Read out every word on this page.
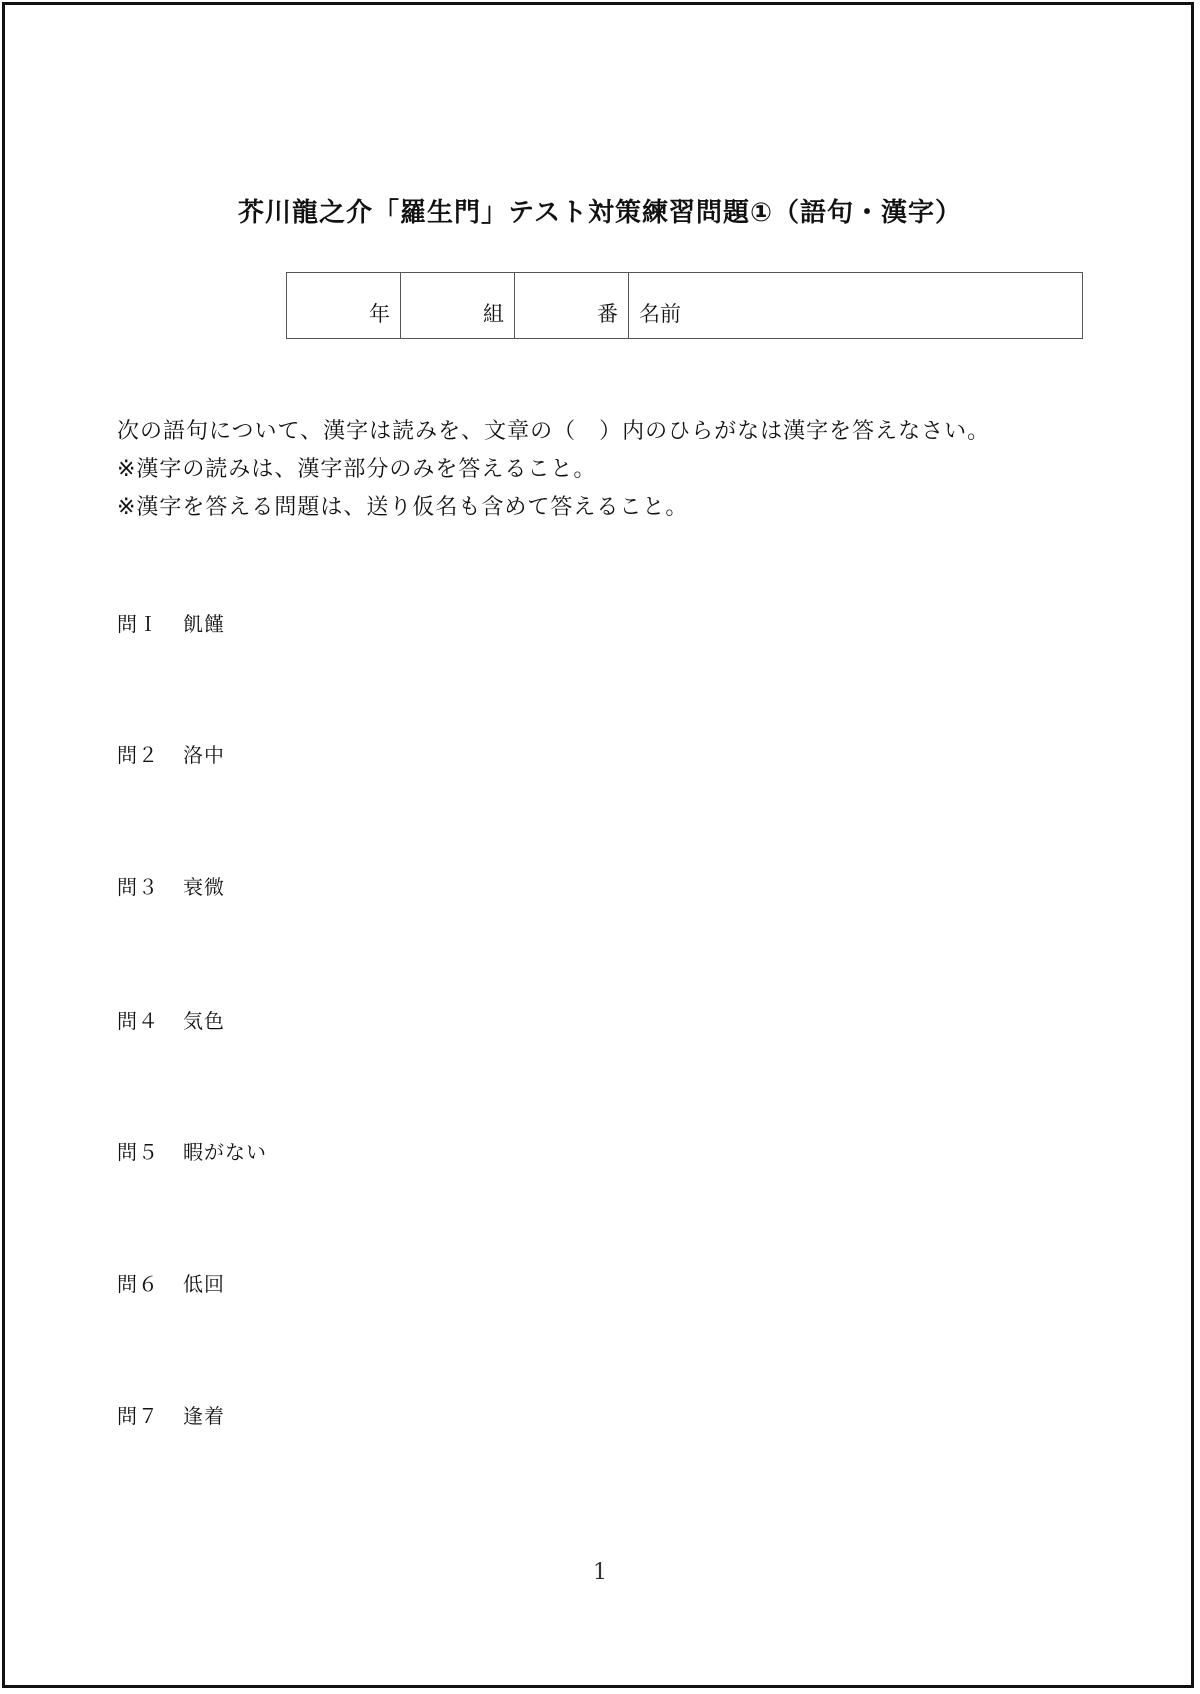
芥川龍之介「羅生門」テスト対策練習問題①（語句・漢字）
年	組	番 名前
次の語句について、漢字は読みを、文章の（　）内のひらがなは漢字を答えなさい。
※漢字の読みは、漢字部分のみを答えること。
※漢字を答える問題は、送り仮名も含めて答えること。
問Ｉ 飢饉
問２ 洛中
問３ 衰微
問４ 気色
問５ 暇がない
問６ 低回
問７ 逢着
1
